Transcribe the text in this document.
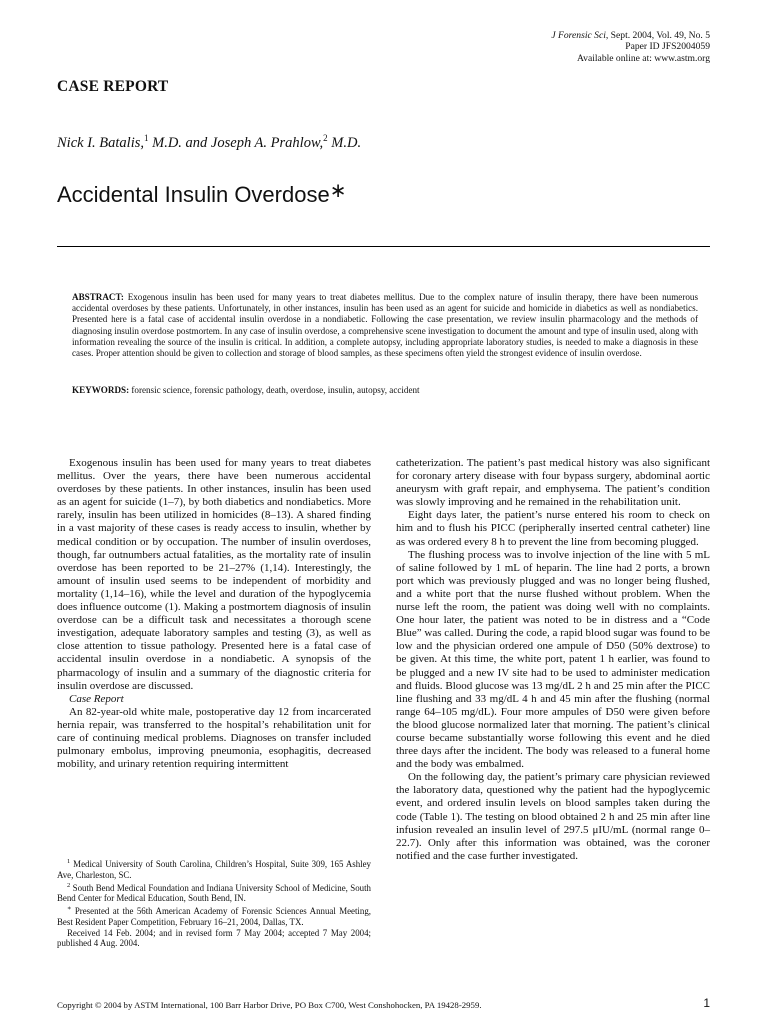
J Forensic Sci, Sept. 2004, Vol. 49, No. 5
Paper ID JFS2004059
Available online at: www.astm.org
CASE REPORT
Nick I. Batalis,$^1$ M.D. and Joseph A. Prahlow,$^2$ M.D.
Accidental Insulin Overdose∗
ABSTRACT: Exogenous insulin has been used for many years to treat diabetes mellitus. Due to the complex nature of insulin therapy, there have been numerous accidental overdoses by these patients. Unfortunately, in other instances, insulin has been used as an agent for suicide and homicide in diabetics as well as nondiabetics. Presented here is a fatal case of accidental insulin overdose in a nondiabetic. Following the case presentation, we review insulin pharmacology and the methods of diagnosing insulin overdose postmortem. In any case of insulin overdose, a comprehensive scene investigation to document the amount and type of insulin used, along with information revealing the source of the insulin is critical. In addition, a complete autopsy, including appropriate laboratory studies, is needed to make a diagnosis in these cases. Proper attention should be given to collection and storage of blood samples, as these specimens often yield the strongest evidence of insulin overdose.
KEYWORDS: forensic science, forensic pathology, death, overdose, insulin, autopsy, accident

Exogenous insulin has been used for many years to treat diabetes mellitus. Over the years, there have been numerous accidental overdoses by these patients. In other instances, insulin has been used as an agent for suicide (1–7), by both diabetics and nondiabetics. More rarely, insulin has been utilized in homicides (8–13). A shared finding in a vast majority of these cases is ready access to insulin, whether by medical condition or by occupation. The number of insulin overdoses, though, far outnumbers actual fatalities, as the mortality rate of insulin overdose has been reported to be 21–27% (1,14). Interestingly, the amount of insulin used seems to be independent of morbidity and mortality (1,14–16), while the level and duration of the hypoglycemia does influence outcome (1). Making a postmortem diagnosis of insulin overdose can be a difficult task and necessitates a thorough scene investigation, adequate laboratory samples and testing (3), as well as close attention to tissue pathology. Presented here is a fatal case of accidental insulin overdose in a nondiabetic. A synopsis of the pharmacology of insulin and a summary of the diagnostic criteria for insulin overdose are discussed.

Case Report

An 82-year-old white male, postoperative day 12 from incarcerated hernia repair, was transferred to the hospital’s rehabilitation unit for care of continuing medical problems. Diagnoses on transfer included pulmonary embolus, improving pneumonia, esophagitis, decreased mobility, and urinary retention requiring intermittent

$^1$ Medical University of South Carolina, Children’s Hospital, Suite 309, 165 Ashley Ave, Charleston, SC.

$^2$ South Bend Medical Foundation and Indiana University School of Medicine, South Bend Center for Medical Education, South Bend, IN.

∗ Presented at the 56th American Academy of Forensic Sciences Annual Meeting, Best Resident Paper Competition, February 16–21, 2004, Dallas, TX.

Received 14 Feb. 2004; and in revised form 7 May 2004; accepted 7 May 2004; published 4 Aug. 2004.

catheterization. The patient’s past medical history was also significant for coronary artery disease with four bypass surgery, abdominal aortic aneurysm with graft repair, and emphysema. The patient’s condition was slowly improving and he remained in the rehabilitation unit.

Eight days later, the patient’s nurse entered his room to check on him and to flush his PICC (peripherally inserted central catheter) line as was ordered every 8 h to prevent the line from becoming plugged.

The flushing process was to involve injection of the line with 5 mL of saline followed by 1 mL of heparin. The line had 2 ports, a brown port which was previously plugged and was no longer being flushed, and a white port that the nurse flushed without problem. When the nurse left the room, the patient was doing well with no complaints. One hour later, the patient was noted to be in distress and a “Code Blue” was called. During the code, a rapid blood sugar was found to be low and the physician ordered one ampule of D50 (50% dextrose) to be given. At this time, the white port, patent 1 h earlier, was found to be plugged and a new IV site had to be used to administer medication and fluids. Blood glucose was 13 mg/dL 2 h and 25 min after the PICC line flushing and 33 mg/dL 4 h and 45 min after the flushing (normal range 64–105 mg/dL). Four more ampules of D50 were given before the blood glucose normalized later that morning. The patient’s clinical course became substantially worse following this event and he died three days after the incident. The body was released to a funeral home and the body was embalmed.

On the following day, the patient’s primary care physician reviewed the laboratory data, questioned why the patient had the hypoglycemic event, and ordered insulin levels on blood samples taken during the code (Table 1). The testing on blood obtained 2 h and 25 min after line infusion revealed an insulin level of 297.5 μIU/mL (normal range 0–22.7). Only after this information was obtained, was the coroner notified and the case further investigated.

Copyright © 2004 by ASTM International, 100 Barr Harbor Drive, PO Box C700, West Conshohocken, PA 19428-2959.	1
